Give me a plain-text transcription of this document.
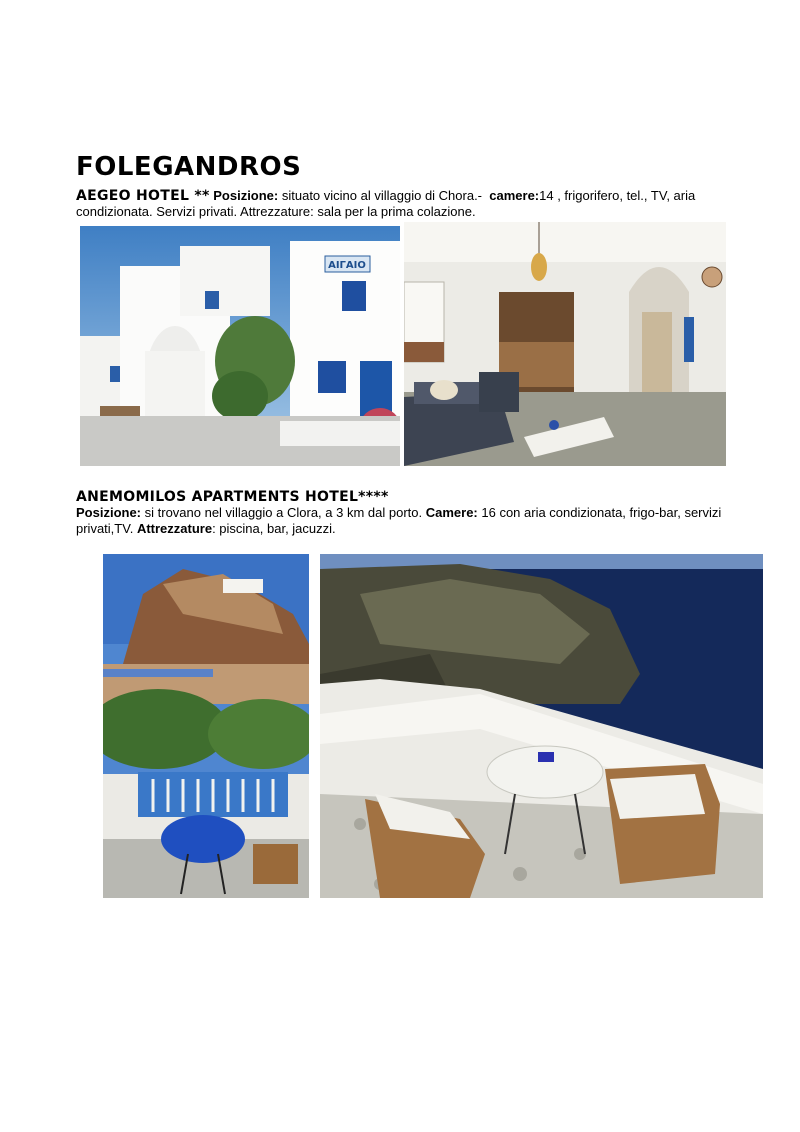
FOLEGANDROS

AEGEO HOTEL ** Posizione: situato vicino al villaggio di Chora.- camere:14 , frigorifero, tel., TV, aria condizionata. Servizi privati. Attrezzature: sala per la prima colazione.

ΑΙΓΑΙΟ

ANEMOMILOS APARTMENTS HOTEL****
Posizione: si trovano nel villaggio a Clora, a 3 km dal porto. Camere: 16 con aria condizionata, frigo-bar, servizi privati,TV. Attrezzature: piscina, bar, jacuzzi.
